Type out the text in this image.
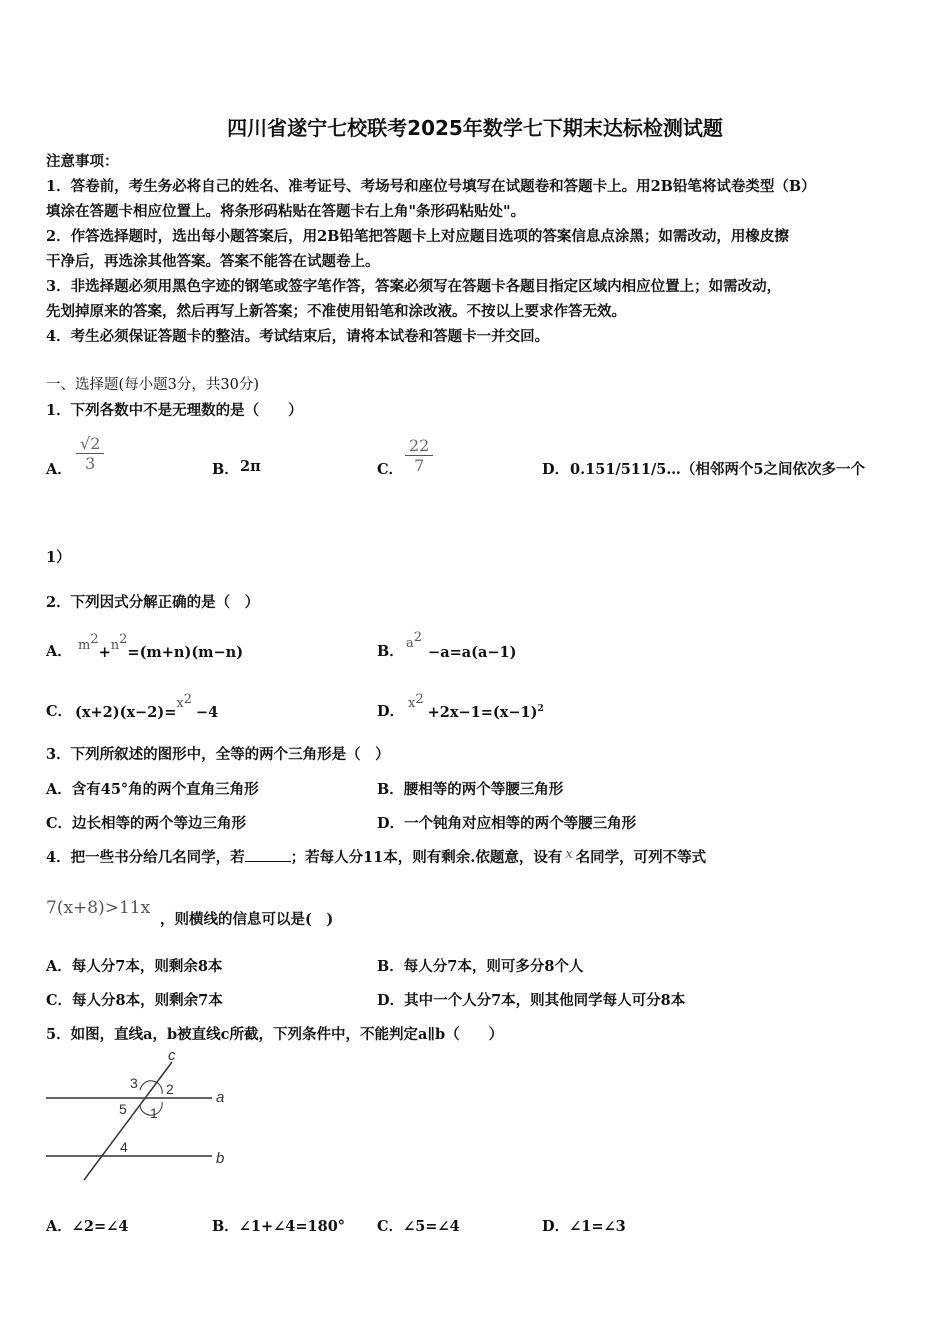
四川省遂宁七校联考2025年数学七下期末达标检测试题
注意事项：
1．答卷前，考生务必将自己的姓名、准考证号、考场号和座位号填写在试题卷和答题卡上。用2B铅笔将试卷类型（B）
填涂在答题卡相应位置上。将条形码粘贴在答题卡右上角"条形码粘贴处"。
2．作答选择题时，选出每小题答案后，用2B铅笔把答题卡上对应题目选项的答案信息点涂黑；如需改动，用橡皮擦
干净后，再选涂其他答案。答案不能答在试题卷上。
3．非选择题必须用黑色字迹的钢笔或签字笔作答，答案必须写在答题卡各题目指定区域内相应位置上；如需改动，
先划掉原来的答案，然后再写上新答案；不准使用铅笔和涂改液。不按以上要求作答无效。
4．考生必须保证答题卡的整洁。考试结束后，请将本试卷和答题卡一并交回。
一、选择题(每小题3分，共30分)
1．下列各数中不是无理数的是（　　）
A． $\frac{√2}{3}$	B． 2π	C． $\frac{22}{7}$	D． 0.151/511/5…（相邻两个5之间依次多一个
1）
2．下列因式分解正确的是（　）
A． $m^2+n^2=(m+n)(m-n)$	B． $a^2-a=a(a-1)$
C． $(x+2)(x-2)=x^2-4$	D． $x^2+2x-1=(x-1)^2$
3．下列所叙述的图形中，全等的两个三角形是（　）
A．含有45°角的两个直角三角形	B．腰相等的两个等腰三角形
C．边长相等的两个等边三角形	D．一个钝角对应相等的两个等腰三角形
4．把一些书分给几名同学，若	；若每人分11本，则有剩余.依题意，设有 x 名同学，可列不等式
7(x+8)>11x
，则横线的信息可以是(　)
A．每人分7本，则剩余8本	B．每人分7本，则可多分8个人
C．每人分8本，则剩余7本	D．其中一个人分7本，则其他同学每人可分8本
5．如图，直线a，b被直线c所截，下列条件中，不能判定a∥b（　　）
c
a
b
3 2
5 1
4
A．∠2=∠4	B．∠1+∠4=180° C．∠5=∠4	D．∠1=∠3
